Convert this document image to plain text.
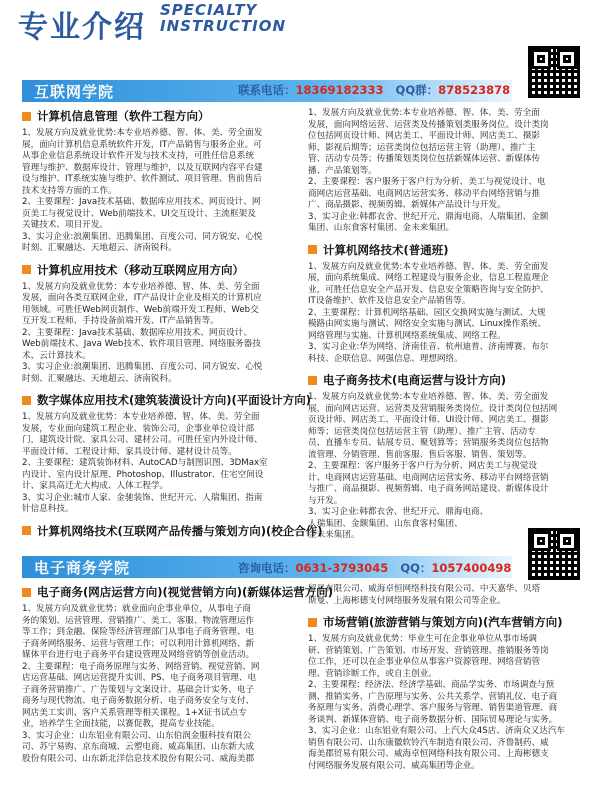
专业介绍 SPECIALTY
INSTRUCTION
互联网学院	联系电话：18369182333 QQ群：878523878
计算机信息管理（软件工程方向）

1、发展方向及就业优势:本专业培养德、智、体、美、劳全面发

展，面向计算机信息系统软件开发，IT产品销售与服务企业。可

从事企业信息系统设计软件开发与技术支持，可胜任信息系统

管理与维护、数据库设计、管理与维护，以及互联网内容平台建

设与维护、IT系统实施与维护、软件测试、项目管理、售前售后

技术支持等方面的工作。

2、主要课程：Java技术基础、数据库应用技术、网页设计、网

页美工与视觉设计、Web前端技术、UI交互设计、主流框架及

关键技术、项目开发。

3、实习企业:浪潮集团、迅腾集团、百度公司、同方锐安、心悦

时刻、汇聚融达、天地超云、济南锐科。

计算机应用技术（移动互联网应用方向）

1、发展方向及就业优势：本专业培养德、智、体、美、劳全面

发展，面向各类互联网企业，IT产品设计企业及相关的计算机应

用领域。可胜任Web网页制作、Web前端开发工程师、Web交

互开发工程师、手持设备前端开发、IT产品销售等。

2、主要课程：Java技术基础、数据库应用技术、网页设计、

Web前端技术、Java Web技术、软件项目管理、网络服务器技

术、云计算技术。

3、实习企业:浪潮集团、迅腾集团、百度公司、同方锐安、心悦

时刻、汇聚融达、天地超云、济南锐科。

数字媒体应用技术(建筑装潢设计方向)(平面设计方向)

1、发展方向及就业优势：本专业培养德、智、体、美、劳全面

发展，专业面向建筑工程企业、装饰公司，企事业单位设计部

门，建筑设计院、家具公司、建材公司。可胜任室内外设计师、

平面设计师、工程设计师、家具设计师、建材设计员等。

2、主要课程：建筑装饰材料、AutoCAD与制图识图、3DMax室

内设计、室内设计原理、Photoshop、Illustrator、住宅空间设

计、家具高迁尤大构成、人体工程学。

3、实习企业:城市人家、金驰装饰、世纪开元、人瑞集团、指南

针信息科技。

计算机网络技术(互联网产品传播与策划方向)(校企合作)

1、发展方向及就业优势:本专业培养德、智、体、美、劳全面

发展，面向网络运营、运营类及传播策划类服务岗位。设计类岗

位包括网页设计师、网店美工、平面设计师、网店美工、摄影

师、影视后期等；运营类岗位包括运营主管（助理）、推广主

管、活动专员等；传播策划类岗位包括新媒体运营、新媒体传

播、产品策划等。

2、主要课程：客户服务于客户行为分析、美工与视觉设计、电

商网店运营基础、电商网店运营实务、移动平台网络营销与推

广、商品摄影、视频剪辑、新媒体产品设计与开发。

3、实习企业:韩都衣舍、世纪开元、鼎海电商、人瑞集团、金额

集团、山东食客村集团、金未来集团。

计算机网络技术(普通班)

1、发展方向及就业优势:本专业培养德、智、体、美、劳全面发

展，面向系统集成、网络工程建设与服务企业，信息工程监理企

业，可胜任信息安全产品开发、信息安全策略咨询与安全防护、

IT设备维护、软件及信息安全产品销售等。

2、主要课程：计算机网络基础、园区交换网实施与测试、大规

模路由网实施与测试、网络安全实施与测试、Linux操作系统、

网络管理与实施、计算机网络系统集成、网络工程。

3、实习企业:华为网络、济南佳音、杭州迪普、济南博赛、布尔

科技、企联信息、网强信息、理想网络。

电子商务技术(电商运营与设计方向)

1、发展方向及就业优势:本专业培养德、智、体、美、劳全面发

展，面向网店运营、运营类及营销服务类岗位。设计类岗位包括网

页设计师、网店美工、平面设计师、UI设计师、网店美工、摄影

师等；运营类岗位包括运营主管（助理）、推广主管、活动专

员、直播车专员、钻展专员、聚划算等；营销服务类岗位包括物

流管理、分销管理、售前客服、售后客服、销售、策划等。

2、主要课程：客户服务于客户行为分析、网店美工与视觉设

计、电商网店运营基础、电商网店运营实务、移动平台网络营销

与推广、商品摄影、视频剪辑、电子商务网站建设、新媒体设计

与开发。

3、实习企业:韩都衣舍、世纪开元、鼎海电商、

人瑞集团、金额集团、山东食客村集团、

金未来集团。

电子商务学院	咨询电话：0631-3793045 QQ：1057400498
电子商务(网店运营方向)(视觉营销方向)(新媒体运营方向)

1、发展方向及就业优势；就业面向企事业单位，从事电子商

务的策划、运营管理、营销推广、美工、客服、物流管理运作

等工作；到金融、保险等经济管理部门从事电子商务管理、电

子商务网络服务、运营与管理工作；可以利用计算机网络、新

媒体平台进行电子商务平台建设管理及网络营销等创业活动。

2、主要课程：电子商务原理与实务、网络营销、视觉营销、网

店运营基础、网店运营提升实训、PS、电子商务项目管理、电

子商务营销推广、广告策划与文案设计、基础会计实务、电子

商务与现代物流、电子商务数据分析、电子商务安全与支付、

网店美工实训、客户关系管理等相关课程。1+X证书试点专

业，培养学生全面技能，以赛促教，提高专业技能。

3、实习企业：山东铝业有限公司、山东伯润金服科技有限公

司、苏宁易购、京东商城、云塑电商、威高集团、山东新大成

股份有限公司、山东新北洋信息技术股份有限公司、威海美郡

贸易有限公司、威海卓恒网络科技有限公司、中天嘉华、贝塔

斯曼、上海彬德支付网络服务发展有限公司等企业。

市场营销(旅游营销与策划方向)(汽车营销方向)

1、发展方向及就业优势：毕业生可在企事业单位从事市场调

研、营销策划、广告策划、市场开发、营销管理、推销服务等岗

位工作，还可以在企事业单位从事客户资源管理、网络营销管

理、营销诊断工作，或自主创业。

2、主要课程：经济法、经济学基础、商品学实务、市场调查与预

测、推销实务、广告原理与实务、公共关系学、营销礼仪、电子商

务原理与实务、消费心理学、客户服务与管理、销售渠道管理、商

务谈判、新媒体营销、电子商务数据分析、国际贸易理论与实务。

3、实习企业：山东铝业有限公司、上汽大众4S店、济南众又达汽车

销售有限公司、山东康徽软铃汽车制造有限公司、齐鲁制药、威

海美郡贸易有限公司、威海卓恒网络科技有限公司、上海彬德支

付网络服务发展有限公司、威高集团等企业。
